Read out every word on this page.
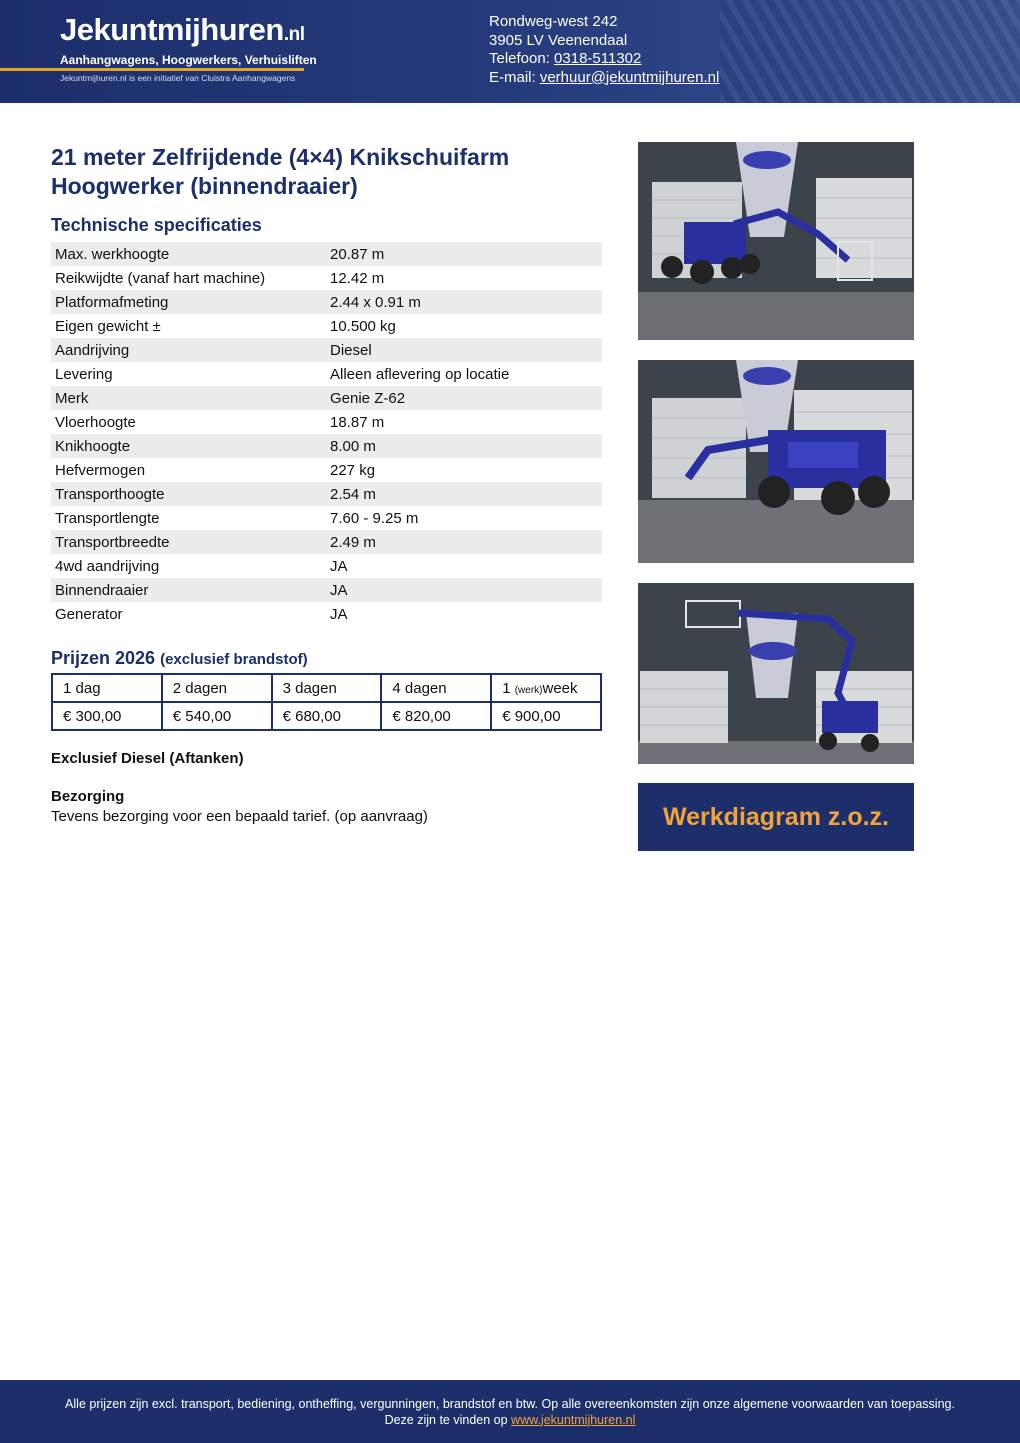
Jekuntmijhuren.nl
Aanhangwagens, Hoogwerkers, Verhuisliften
Jekuntmijhuren.nl is een initiatief van Cluistra Aanhangwagens
Rondweg-west 242
3905 LV Veenendaal
Telefoon: 0318-511302
E-mail: verhuur@jekuntmijhuren.nl
21 meter Zelfrijdende (4×4) Knikschuifarm
Hoogwerker (binnendraaier)
Technische specificaties
Max. werkhoogte	20.87 m
Reikwijdte (vanaf hart machine)	12.42 m
Platformafmeting	2.44 x 0.91 m
Eigen gewicht ±	10.500 kg
Aandrijving	Diesel
Levering	Alleen aflevering op locatie
Merk	Genie Z-62
Vloerhoogte	18.87 m
Knikhoogte	8.00 m
Hefvermogen	227 kg
Transporthoogte	2.54 m
Transportlengte	7.60 - 9.25 m
Transportbreedte	2.49 m
4wd aandrijving	JA
Binnendraaier	JA
Generator	JA
Prijzen 2026 (exclusief brandstof)
1 dag	2 dagen	3 dagen	4 dagen	1 (werk)week
€ 300,00	€ 540,00	€ 680,00	€ 820,00	€ 900,00
Exclusief Diesel (Aftanken)
Bezorging
Tevens bezorging voor een bepaald tarief. (op aanvraag)	Werkdiagram z.o.z.
Alle prijzen zijn excl. transport, bediening, ontheffing, vergunningen, brandstof en btw. Op alle overeenkomsten zijn onze algemene voorwaarden van toepassing.
Deze zijn te vinden op www.jekuntmijhuren.nl
